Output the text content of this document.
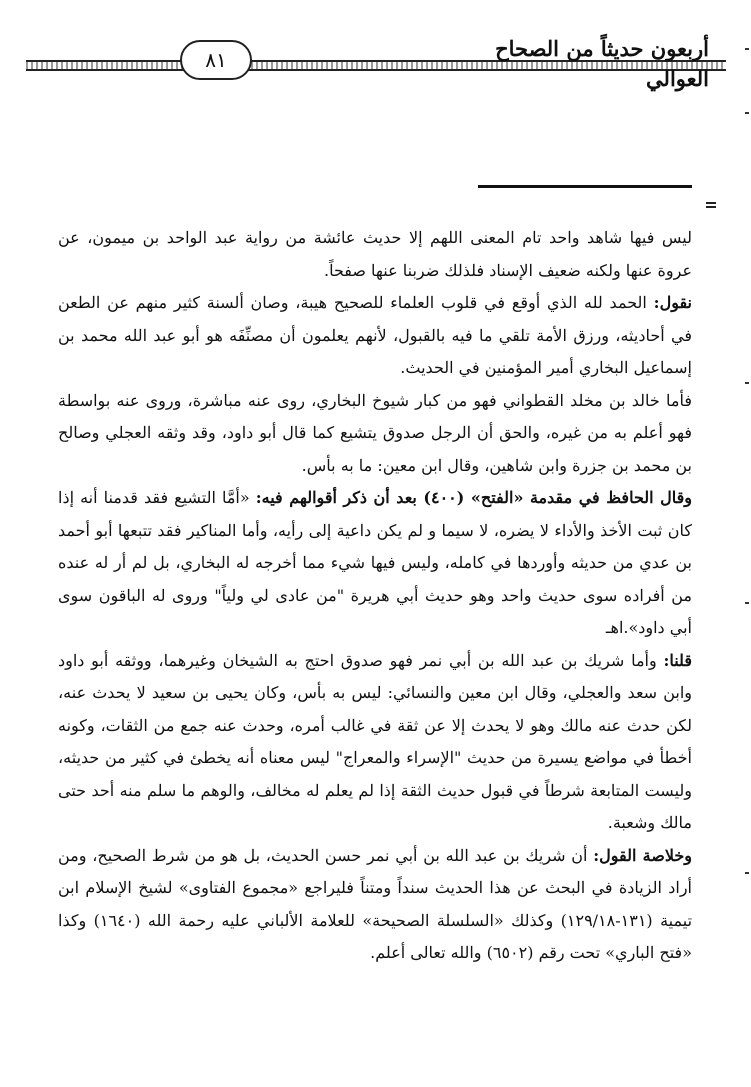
أربعون حديثاً من الصحاح العوالي
٨١

ليس فيها شاهد واحد تام المعنى اللهم إلا حديث عائشة من رواية عبد الواحد بن ميمون، عن عروة عنها ولكنه ضعيف الإسناد فلذلك ضربنا عنها صفحاً.

نقول: الحمد لله الذي أوقع في قلوب العلماء للصحيح هيبة، وصان ألسنة كثير منهم عن الطعن في أحاديثه، ورزق الأمة تلقي ما فيه بالقبول، لأنهم يعلمون أن مصنِّفَه هو أبو عبد الله محمد بن إسماعيل البخاري أمير المؤمنين في الحديث.

فأما خالد بن مخلد القطواني فهو من كبار شيوخ البخاري، روى عنه مباشرة، وروى عنه بواسطة فهو أعلم به من غيره، والحق أن الرجل صدوق يتشيع كما قال أبو داود، وقد وثقه العجلي وصالح بن محمد بن جزرة وابن شاهين، وقال ابن معين: ما به بأس.

وقال الحافظ في مقدمة «الفتح» (٤٠٠) بعد أن ذكر أقوالهم فيه: «أمَّا التشيع فقد قدمنا أنه إذا كان ثبت الأخذ والأداء لا يضره، لا سيما و لم يكن داعية إلى رأيه، وأما المناكير فقد تتبعها أبو أحمد بن عدي من حديثه وأوردها في كامله، وليس فيها شيء مما أخرجه له البخاري، بل لم أر له عنده من أفراده سوى حديث واحد وهو حديث أبي هريرة "من عادى لي ولياً" وروى له الباقون سوى أبي داود».اهـ

قلنا: وأما شريك بن عبد الله بن أبي نمر فهو صدوق احتج به الشيخان وغيرهما، ووثقه أبو داود وابن سعد والعجلي، وقال ابن معين والنسائي: ليس به بأس، وكان يحيى بن سعيد لا يحدث عنه، لكن حدث عنه مالك وهو لا يحدث إلا عن ثقة في غالب أمره، وحدث عنه جمع من الثقات، وكونه أخطأ في مواضع يسيرة من حديث "الإسراء والمعراج" ليس معناه أنه يخطئ في كثير من حديثه، وليست المتابعة شرطاً في قبول حديث الثقة إذا لم يعلم له مخالف، والوهم ما سلم منه أحد حتى مالك وشعبة.

وخلاصة القول: أن شريك بن عبد الله بن أبي نمر حسن الحديث، بل هو من شرط الصحيح، ومن أراد الزيادة في البحث عن هذا الحديث سنداً ومتناً فليراجع «مجموع الفتاوى» لشيخ الإسلام ابن تيمية (١٣١-١٢٩/١٨) وكذلك «السلسلة الصحيحة» للعلامة الألباني عليه رحمة الله (١٦٤٠) وكذا «فتح الباري» تحت رقم (٦٥٠٢) والله تعالى أعلم.
